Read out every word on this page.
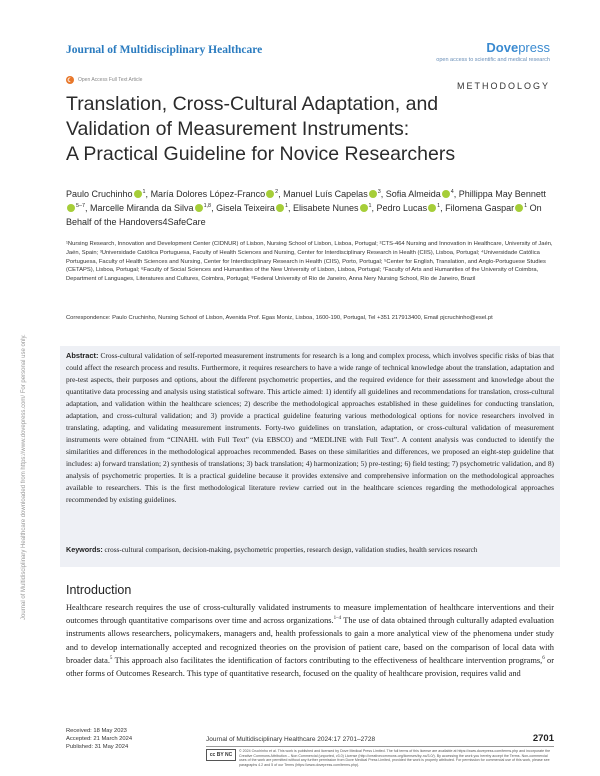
Journal of Multidisciplinary Healthcare	Dovepress
open access to scientific and medical research
☾ Open Access Full Text Article
METHODOLOGY
Translation, Cross-Cultural Adaptation, and
Validation of Measurement Instruments:
A Practical Guideline for Novice Researchers
Paulo Cruchinho $^1$, María Dolores López-Franco $^2$, Manuel Luís Capelas $^3$, Sofia Almeida $^4$, Phillippa May Bennett$^{5-7}$, Marcelle Miranda da Silva $^{1,8}$, Gisela Teixeira $^1$, Elisabete Nunes $^1$, Pedro Lucas $^1$, Filomena Gaspar $^1$ On Behalf of the Handovers4SafeCare
¹Nursing Research, Innovation and Development Center (CIDNUR) of Lisbon, Nursing School of Lisbon, Lisboa, Portugal; ²CTS-464 Nursing and Innovation in Healthcare, University of Jaén, Jaén, Spain; ³Universidade Católica Portuguesa, Faculty of Health Sciences and Nursing, Center for Interdisciplinary Research in Health (CIIS), Lisboa, Portugal; ⁴Universidade Católica Portuguesa, Faculty of Health Sciences and Nursing, Center for Interdisciplinary Research in Health (CIIS), Porto, Portugal; ⁵Center for English, Translation, and Anglo-Portuguese Studies (CETAPS), Lisboa, Portugal; ⁶Faculty of Social Sciences and Humanities of the New University of Lisbon, Lisboa, Portugal; ⁷Faculty of Arts and Humanities of the University of Coimbra, Department of Languages, Literatures and Cultures, Coimbra, Portugal; ⁸Federal University of Rio de Janeiro, Anna Nery Nursing School, Rio de Janeiro, Brazil
Correspondence: Paulo Cruchinho, Nursing School of Lisbon, Avenida Prof. Egas Moniz, Lisboa, 1600-190, Portugal, Tel +351 217913400, Email pjcruchinho@esel.pt
Abstract: Cross-cultural validation of self-reported measurement instruments for research is a long and complex process, which involves specific risks of bias that could affect the research process and results. Furthermore, it requires researchers to have a wide range of technical knowledge about the translation, adaptation and pre-test aspects, their purposes and options, about the different psychometric properties, and the required evidence for their assessment and knowledge about the quantitative data processing and analysis using statistical software. This article aimed: 1) identify all guidelines and recommendations for translation, cross-cultural adaptation, and validation within the healthcare sciences; 2) describe the methodological approaches established in these guidelines for conducting translation, adaptation, and cross-cultural validation; and 3) provide a practical guideline featuring various methodological options for novice researchers involved in translating, adapting, and validating measurement instruments. Forty-two guidelines on translation, adaptation, or cross-cultural validation of measurement instruments were obtained from “CINAHL with Full Text” (via EBSCO) and “MEDLINE with Full Text”. A content analysis was conducted to identify the similarities and differences in the methodological approaches recommended. Bases on these similarities and differences, we proposed an eight-step guideline that includes: a) forward translation; 2) synthesis of translations; 3) back translation; 4) harmonization; 5) pre-testing; 6) field testing; 7) psychometric validation, and 8) analysis of psychometric properties. It is a practical guideline because it provides extensive and comprehensive information on the methodological approaches available to researchers. This is the first methodological literature review carried out in the healthcare sciences regarding the methodological approaches recommended by existing guidelines.
Keywords: cross-cultural comparison, decision-making, psychometric properties, research design, validation studies, health services research
Introduction
Healthcare research requires the use of cross-culturally validated instruments to measure implementation of healthcare interventions and their outcomes through quantitative comparisons over time and across organizations.$^{1-4}$ The use of data obtained through culturally adapted evaluation instruments allows researchers, policymakers, managers and, health professionals to gain a more analytical view of the phenomena under study and to develop internationally accepted and recognized theories on the provision of patient care, based on the comparison of local data with broader data.$^5$ This approach also facilitates the identification of factors contributing to the effectiveness of healthcare intervention programs,$^6$ or other forms of Outcomes Research. This type of quantitative research, focused on the quality of healthcare provision, requires valid and
Journal of Multidisciplinary Healthcare downloaded from https://www.dovepress.com/ For personal use only.
Received: 18 May 2023
Accepted: 21 March 2024
Published: 31 May 2024
Journal of Multidisciplinary Healthcare 2024:17 2701–2728	2701
cc BY NC
© 2024 Cruchinho et al. This work is published and licensed by Dove Medical Press Limited. The full terms of this license are available at https://www.dovepress.com/terms.php and incorporate the Creative Commons Attribution – Non Commercial (unported, v3.0) License (http://creativecommons.org/licenses/by-nc/3.0/). By accessing the work you hereby accept the Terms. Non-commercial uses of the work are permitted without any further permission from Dove Medical Press Limited, provided the work is properly attributed. For permission for commercial use of this work, please see paragraphs 4.2 and 5 of our Terms (https://www.dovepress.com/terms.php).
